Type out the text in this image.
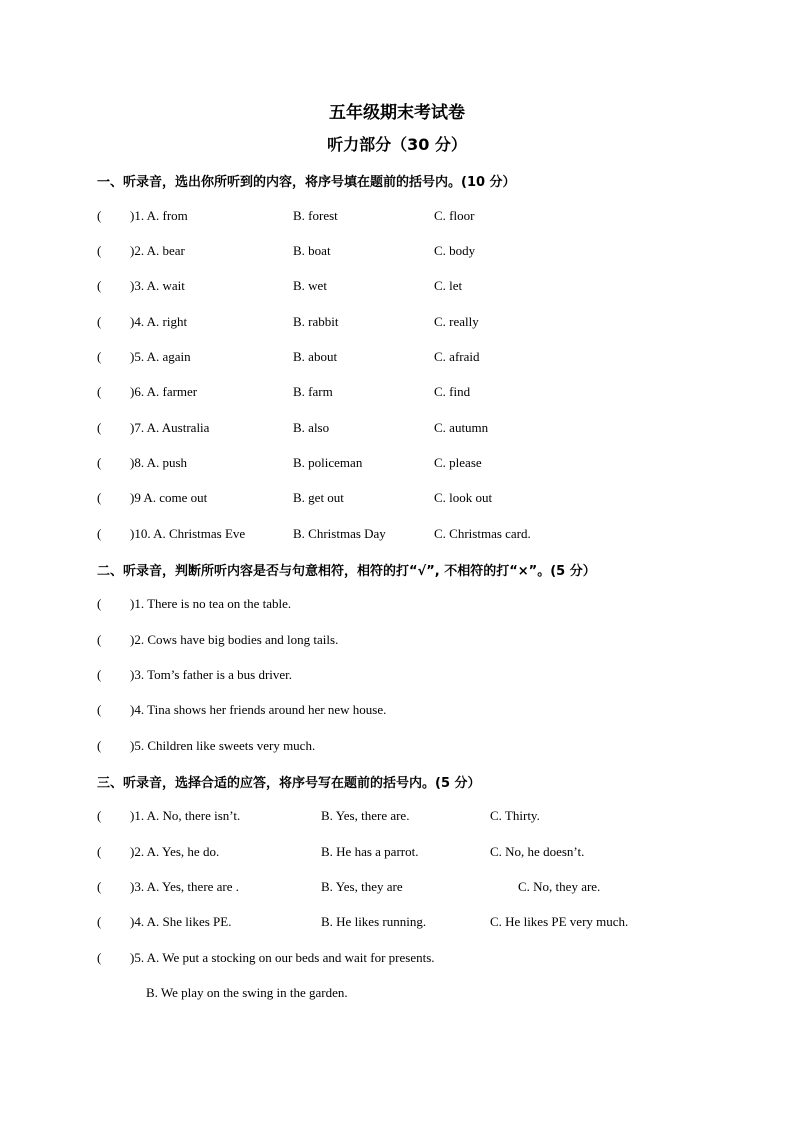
五年级期末考试卷
听力部分（30 分）
一、听录音，选出你所听到的内容，将序号填在题前的括号内。(10 分）
( )1. A. from	B. forest	C. floor
( )2. A. bear	B. boat	C. body
( )3. A. wait	B. wet	C. let
( )4. A. right	B. rabbit	C. really
( )5. A. again	B. about	C. afraid
( )6. A. farmer	B. farm	C. find
( )7. A. Australia	B. also	C. autumn
( )8. A. push	B. policeman	C. please
( )9 A. come out	B. get out	C. look out
( )10. A. Christmas Eve	B. Christmas Day	C. Christmas card.
二、听录音，判断所听内容是否与句意相符，相符的打“√”, 不相符的打“×”。(5 分）
( )1. There is no tea on the table.
( )2. Cows have big bodies and long tails.
( )3. Tom’s father is a bus driver.
( )4. Tina shows her friends around her new house.
( )5. Children like sweets very much.
三、听录音，选择合适的应答，将序号写在题前的括号内。(5 分）
( )1. A. No, there isn’t.	B. Yes, there are.	C. Thirty.
( )2. A. Yes, he do.	B. He has a parrot.	C. No, he doesn’t.
( )3. A. Yes, there are .	B. Yes, they are	C. No, they are.
( )4. A. She likes PE.	B. He likes running.	C. He likes PE very much.
( )5. A. We put a stocking on our beds and wait for presents.
B. We play on the swing in the garden.
